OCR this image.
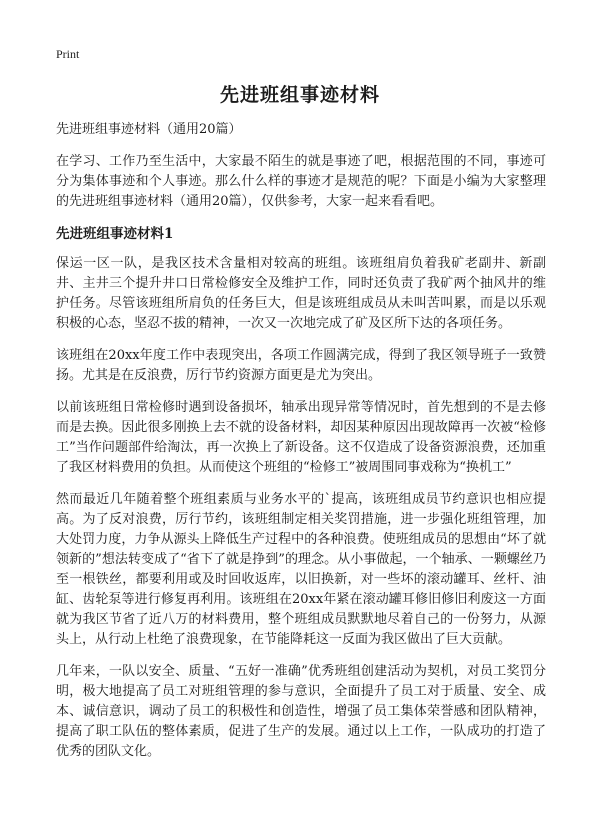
Print
先进班组事迹材料

先进班组事迹材料（通用20篇）

在学习、工作乃至生活中，大家最不陌生的就是事迹了吧，根据范围的不同，事迹可分为集体事迹和个人事迹。那么什么样的事迹才是规范的呢？下面是小编为大家整理的先进班组事迹材料（通用20篇），仅供参考，大家一起来看看吧。

先进班组事迹材料1

保运一区一队，是我区技术含量相对较高的班组。该班组肩负着我矿老副井、新副井、主井三个提升井口日常检修安全及维护工作，同时还负责了我矿两个抽风井的维护任务。尽管该班组所肩负的任务巨大，但是该班组成员从未叫苦叫累，而是以乐观积极的心态，坚忍不拔的精神，一次又一次地完成了矿及区所下达的各项任务。

该班组在20xx年度工作中表现突出，各项工作圆满完成，得到了我区领导班子一致赞扬。尤其是在反浪费，厉行节约资源方面更是尤为突出。

以前该班组日常检修时遇到设备损坏，轴承出现异常等情况时，首先想到的不是去修而是去换。因此很多刚换上去不就的设备材料，却因某种原因出现故障再一次被“检修工”当作问题部件给淘汰，再一次换上了新设备。这不仅造成了设备资源浪费，还加重了我区材料费用的负担。从而使这个班组的“检修工”被周围同事戏称为“换机工”

然而最近几年随着整个班组素质与业务水平的`提高，该班组成员节约意识也相应提高。为了反对浪费，厉行节约，该班组制定相关奖罚措施，进一步强化班组管理，加大处罚力度，力争从源头上降低生产过程中的各种浪费。使班组成员的思想由“坏了就领新的”想法转变成了“省下了就是挣到”的理念。从小事做起，一个轴承、一颗螺丝乃至一根铁丝，都要利用或及时回收返库，以旧换新，对一些坏的滚动罐耳、丝杆、油缸、齿轮泵等进行修复再利用。该班组在20xx年紧在滚动罐耳修旧修旧利废这一方面就为我区节省了近八万的材料费用，整个班组成员默默地尽着自己的一份努力，从源头上，从行动上杜绝了浪费现象，在节能降耗这一反面为我区做出了巨大贡献。

几年来，一队以安全、质量、“五好一准确”优秀班组创建活动为契机，对员工奖罚分明，极大地提高了员工对班组管理的参与意识，全面提升了员工对于质量、安全、成本、诚信意识，调动了员工的积极性和创造性，增强了员工集体荣誉感和团队精神，提高了职工队伍的整体素质，促进了生产的发展。通过以上工作，一队成功的打造了优秀的团队文化。
